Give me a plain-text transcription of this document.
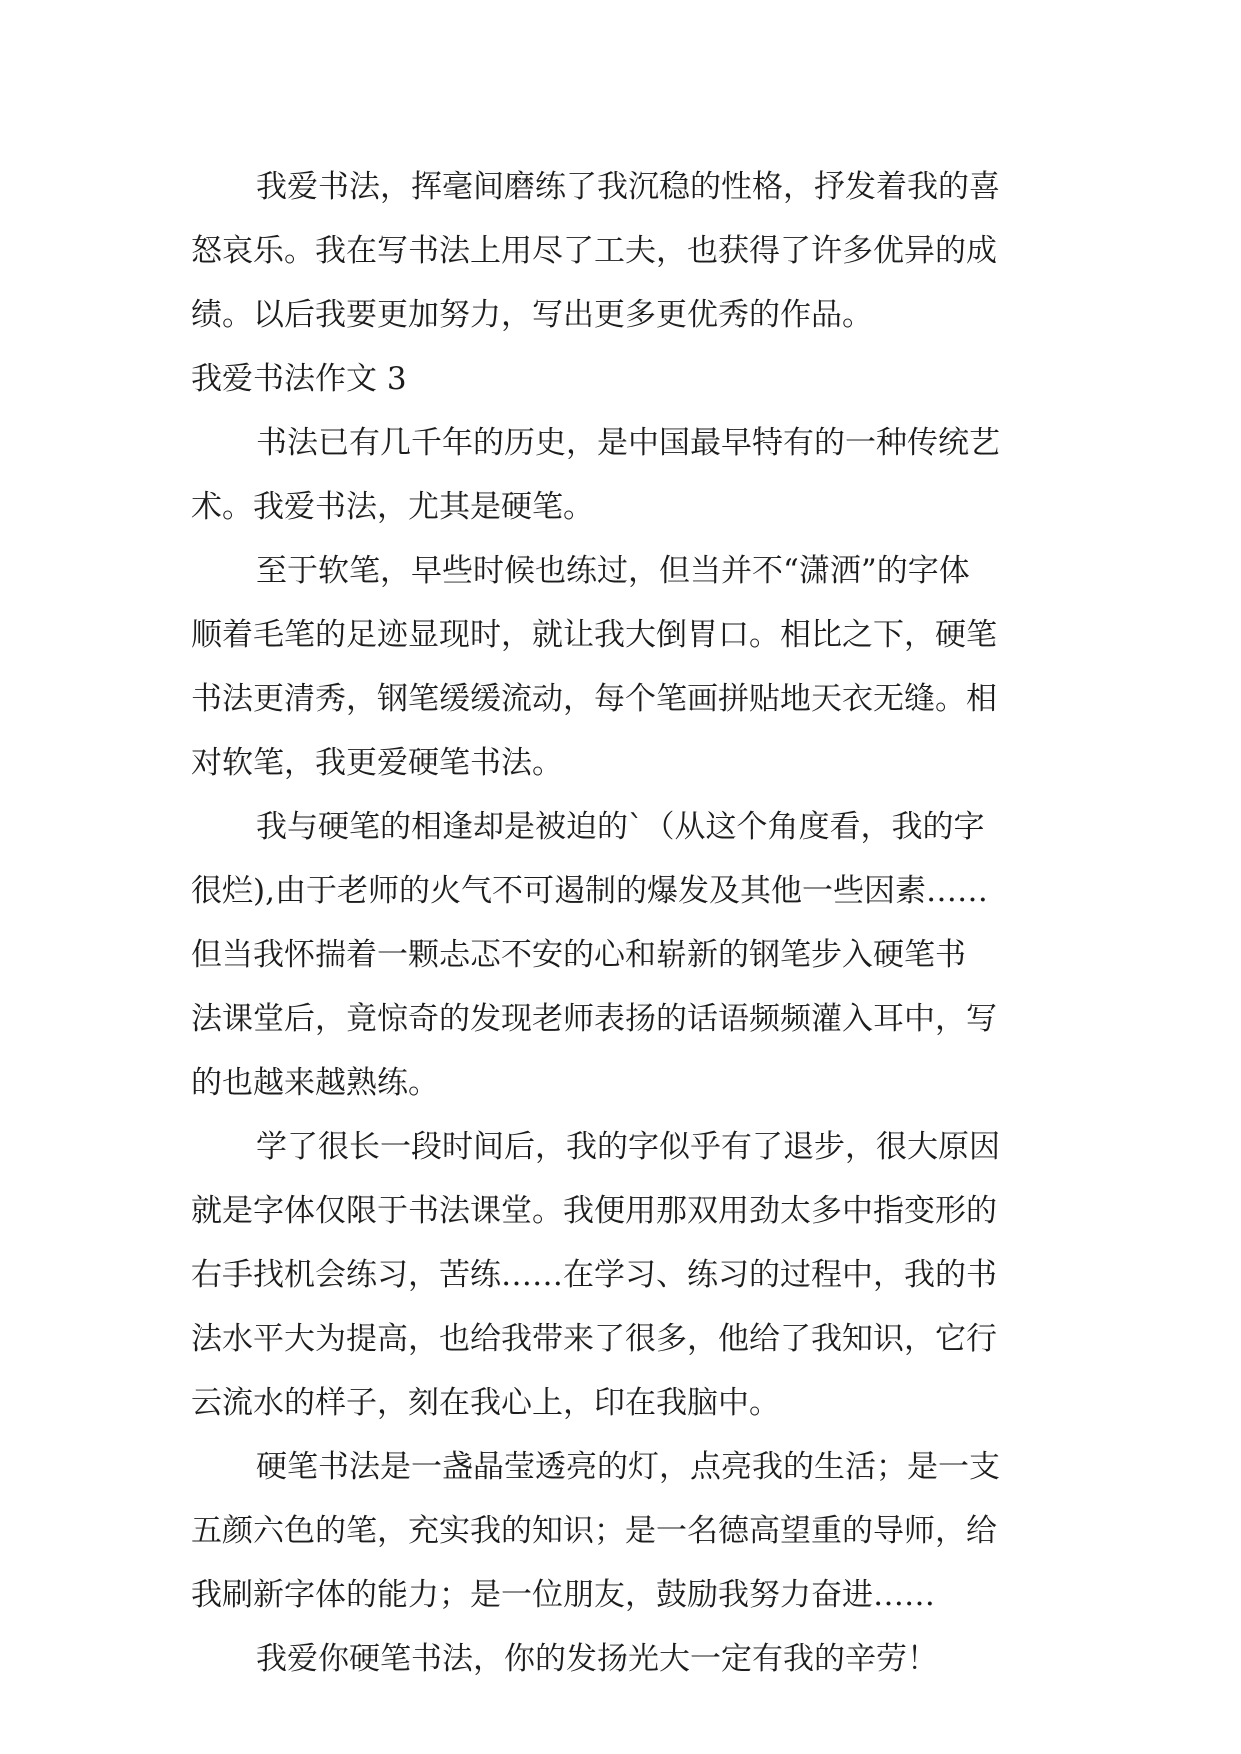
我爱书法，挥毫间磨练了我沉稳的性格，抒发着我的喜
怒哀乐。我在写书法上用尽了工夫，也获得了许多优异的成
绩。以后我要更加努力，写出更多更优秀的作品。
我爱书法作文 3
书法已有几千年的历史，是中国最早特有的一种传统艺
术。我爱书法，尤其是硬笔。
至于软笔，早些时候也练过，但当并不“潇洒”的字体
顺着毛笔的足迹显现时，就让我大倒胃口。相比之下，硬笔
书法更清秀，钢笔缓缓流动，每个笔画拼贴地天衣无缝。相
对软笔，我更爱硬笔书法。
我与硬笔的相逢却是被迫的`（从这个角度看，我的字
很烂),由于老师的火气不可遏制的爆发及其他一些因素……
但当我怀揣着一颗忐忑不安的心和崭新的钢笔步入硬笔书
法课堂后，竟惊奇的发现老师表扬的话语频频灌入耳中，写
的也越来越熟练。
学了很长一段时间后，我的字似乎有了退步，很大原因
就是字体仅限于书法课堂。我便用那双用劲太多中指变形的
右手找机会练习，苦练……在学习、练习的过程中，我的书
法水平大为提高，也给我带来了很多，他给了我知识，它行
云流水的样子，刻在我心上，印在我脑中。
硬笔书法是一盏晶莹透亮的灯，点亮我的生活；是一支
五颜六色的笔，充实我的知识；是一名德高望重的导师，给
我刷新字体的能力；是一位朋友，鼓励我努力奋进……
我爱你硬笔书法，你的发扬光大一定有我的辛劳！
